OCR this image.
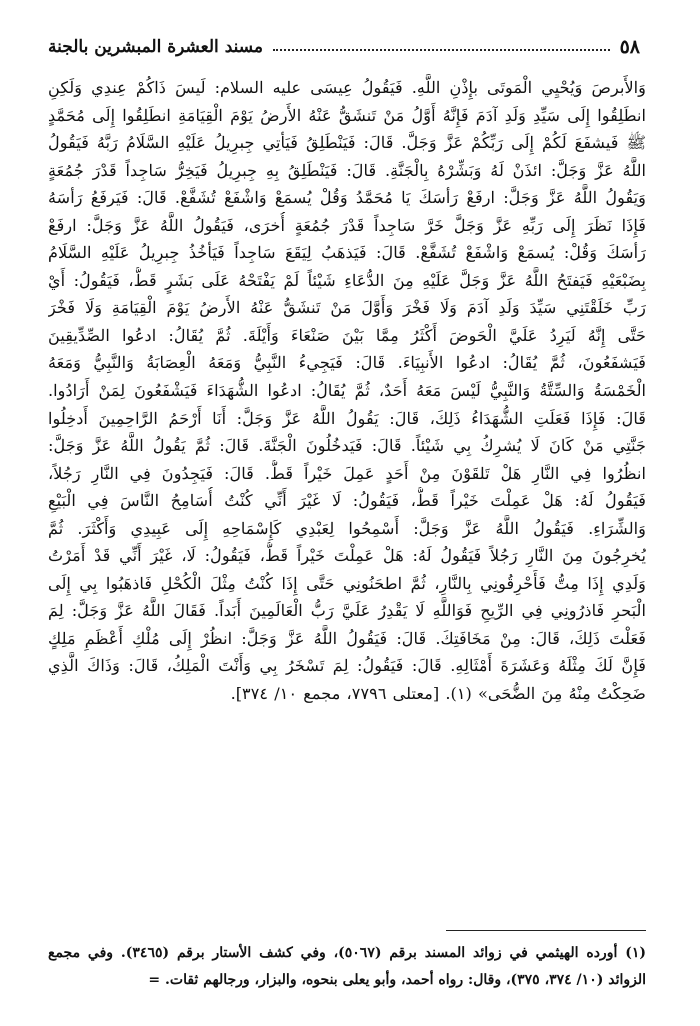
٥٨
مسند العشرة المبشرين بالجنة
وَالأَبرصَ وَيُحْيِي الْمَوتَى بإِذْنِ اللَّهِ. فَيَقُولُ عِيسَى عليه السلام: لَيسَ ذَاكُمْ عِندِي وَلَكِنِ
انطَلِقُوا إِلَى سَيِّدِ وَلَدِ آدَمَ فَإِنَّهُ أَوَّلُ مَنْ تَنشَقُّ عَنْهُ الأَرضُ يَوْمَ الْقِيَامَةِ انطَلِقُوا إِلَى مُحَمَّدٍ
ﷺ فَيشفَعَ لَكُمْ إِلَى رَبِّكُمْ عَزَّ وَجَلَّ. قَالَ: فَيَنْطَلِقُ فَيَأتِي جِبرِيلُ عَلَيْهِ السَّلَامُ رَبَّهُ فَيَقُولُ
اللَّهُ عَزَّ وَجَلَّ: ائذَنْ لَهُ وَبَشِّرْهُ بِالْجَنَّةِ. قَالَ: فَيَنْطَلِقُ بِهِ جِبرِيلُ فَيَخِرُّ سَاجِداً قَدْرَ جُمُعَةٍ
وَيَقُولُ اللَّهُ عَزَّ وَجَلَّ: ارفَعْ رَأسَكَ يَا مُحَمَّدُ وَقُلْ يُسمَعْ وَاشْفَعْ تُشَفَّعْ. قَالَ: فَيَرفَعُ رَأسَهُ
فَإِذَا نَظَرَ إِلَى رَبِّهِ عَزَّ وَجَلَّ خَرَّ سَاجِداً قَدْرَ جُمُعَةٍ أُخرَى، فَيَقُولُ اللَّهُ عَزَّ وَجَلَّ: ارفَعْ
رَأسَكَ وَقُلْ: يُسمَعْ وَاشْفَعْ تُشَفَّعْ. قَالَ: فَيَذهَبُ لِيَقَعَ سَاجِداً فَيَأخُذُ جِبرِيلُ عَلَيْهِ السَّلَامُ
بِضَبْعَيْهِ فَيَفتَحُ اللَّهُ عَزَّ وَجَلَّ عَلَيْهِ مِنَ الدُّعَاءِ شَيْئاً لَمْ يَفْتَحْهُ عَلَى بَشَرٍ قَطُّ، فَيَقُولُ: أَيْ
رَبِّ خَلَقْتَنِي سَيِّدَ وَلَدِ آدَمَ وَلَا فَخْرَ وَأَوَّلَ مَنْ تَنشَقُّ عَنْهُ الأَرضُ يَوْمَ الْقِيَامَةِ وَلَا فَخْرَ
حَتَّى إِنَّهُ لَيَرِدُ عَلَيَّ الْحَوضَ أَكْثَرُ مِمَّا بَيْنَ صَنْعَاءَ وَأَيْلَةَ. ثُمَّ يُقَالُ: ادعُوا الصِّدِّيقِينَ
فَيَشفَعُونَ، ثُمَّ يُقَالُ: ادعُوا الأَنبِيَاءَ. قَالَ: فَيَجِيءُ النَّبِيُّ وَمَعَهُ الْعِصَابَةُ وَالنَّبِيُّ وَمَعَهُ
الْخَمْسَةُ وَالسِّتَّةُ وَالنَّبِيُّ لَيْسَ مَعَهُ أَحَدٌ، ثُمَّ يُقَالُ: ادعُوا الشُّهَدَاءَ فَيَشْفَعُونَ لِمَنْ أَرَادُوا.
قَالَ: فَإِذَا فَعَلَتِ الشُّهَدَاءُ ذَلِكَ، قَالَ: يَقُولُ اللَّهُ عَزَّ وَجَلَّ: أَنَا أَرْحَمُ الرَّاحِمِينَ أَدخِلُوا
جَنَّتِي مَنْ كَانَ لَا يُشرِكُ بِي شَيْئاً. قَالَ: فَيَدخُلُونَ الْجَنَّةَ. قَالَ: ثُمَّ يَقُولُ اللَّهُ عَزَّ وَجَلَّ:
انظُرُوا فِي النَّارِ هَلْ تَلقَوْنَ مِنْ أَحَدٍ عَمِلَ خَيْراً قَطُّ. قَالَ: فَيَجِدُونَ فِي النَّارِ رَجُلاً،
فَيَقُولُ لَهُ: هَلْ عَمِلْتَ خَيْراً قَطُّ، فَيَقُولُ: لَا غَيْرَ أَنِّي كُنْتُ أُسَامِحُ النَّاسَ فِي الْبَيْعِ
وَالشِّرَاءِ. فَيَقُولُ اللَّهُ عَزَّ وَجَلَّ: أَسْمِحُوا لِعَبْدِي كَإِسْمَاحِهِ إِلَى عَبِيدِي وَأَكْثَرَ. ثُمَّ
يُخرِجُونَ مِنَ النَّارِ رَجُلاً فَيَقُولُ لَهُ: هَلْ عَمِلْتَ خَيْراً قَطُّ، فَيَقُولُ: لَا، غَيْرَ أَنِّي قَدْ أَمَرْتُ
وَلَدِي إِذَا مِتُّ فَأَحْرِقُونِي بِالنَّارِ، ثُمَّ اطحَنُونِي حَتَّى إِذَا كُنْتُ مِثْلَ الْكُحْلِ فَاذهَبُوا بِي إِلَى
الْبَحرِ فَاذرُونِي فِي الرِّيحِ فَوَاللَّهِ لَا يَقْدِرُ عَلَيَّ رَبُّ الْعَالَمِينَ أَبَداً. فَقَالَ اللَّهُ عَزَّ وَجَلَّ: لِمَ
فَعَلْتَ ذَلِكَ، قَالَ: مِنْ مَخَافَتِكَ. قَالَ: فَيَقُولُ اللَّهُ عَزَّ وَجَلَّ: انظُرْ إِلَى مُلْكِ أَعْظَمِ مَلِكٍ
فَإِنَّ لَكَ مِثْلَهُ وَعَشَرَةَ أَمْثَالِهِ. قَالَ: فَيَقُولُ: لِمَ تَسْخَرُ بِي وَأَنْتَ الْمَلِكُ، قَالَ: وَذَاكَ الَّذِي
ضَحِكْتُ مِنْهُ مِنَ الضُّحَى» (١). [معتلى ٧٧٩٦، مجمع ١٠/ ٣٧٤].
(١) أورده الهيثمي في زوائد المسند برقم (٥٠٦٧)، وفي كشف الأستار برقم (٣٤٦٥). وفي مجمع
الزوائد (١٠/ ٣٧٤، ٣٧٥)، وقال: رواه أحمد، وأبو يعلى بنحوه، والبزار، ورجالهم ثقات. =
